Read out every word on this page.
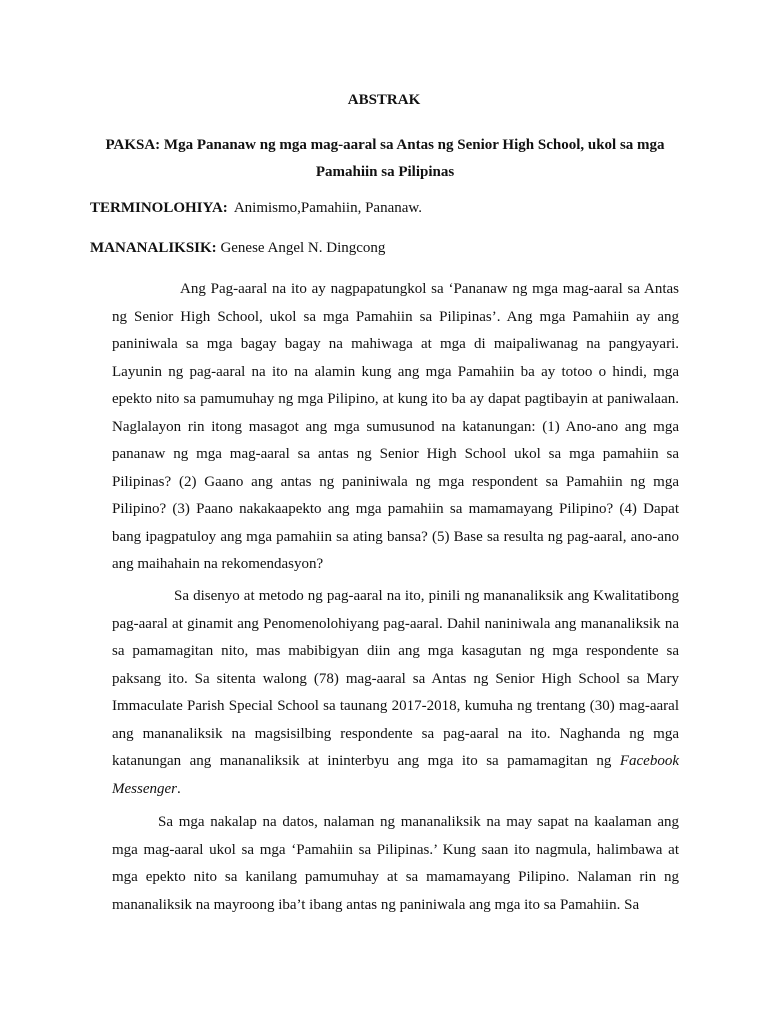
ABSTRAK
PAKSA: Mga Pananaw ng mga mag-aaral sa Antas ng Senior High School, ukol sa mga Pamahiin sa Pilipinas
TERMINOLOHIYA: Animismo,Pamahiin, Pananaw.
MANANALIKSIK: Genese Angel N. Dingcong

Ang Pag-aaral na ito ay nagpapatungkol sa ‘Pananaw ng mga mag-aaral sa Antas ng Senior High School, ukol sa mga Pamahiin sa Pilipinas’. Ang mga Pamahiin ay ang paniniwala sa mga bagay bagay na mahiwaga at mga di maipaliwanag na pangyayari. Layunin ng pag-aaral na ito na alamin kung ang mga Pamahiin ba ay totoo o hindi, mga epekto nito sa pamumuhay ng mga Pilipino, at kung ito ba ay dapat pagtibayin at paniwalaan. Naglalayon rin itong masagot ang mga sumusunod na katanungan: (1) Ano-ano ang mga pananaw ng mga mag-aaral sa antas ng Senior High School ukol sa mga pamahiin sa Pilipinas? (2) Gaano ang antas ng paniniwala ng mga respondent sa Pamahiin ng mga Pilipino? (3) Paano nakakaapekto ang mga pamahiin sa mamamayang Pilipino? (4) Dapat bang ipagpatuloy ang mga pamahiin sa ating bansa? (5) Base sa resulta ng pag-aaral, ano-ano ang maihahain na rekomendasyon?

Sa disenyo at metodo ng pag-aaral na ito, pinili ng mananaliksik ang Kwalitatibong pag-aaral at ginamit ang Penomenolohiyang pag-aaral. Dahil naniniwala ang mananaliksik na sa pamamagitan nito, mas mabibigyan diin ang mga kasagutan ng mga respondente sa paksang ito. Sa sitenta walong (78) mag-aaral sa Antas ng Senior High School sa Mary Immaculate Parish Special School sa taunang 2017-2018, kumuha ng trentang (30) mag-aaral ang mananaliksik na magsisilbing respondente sa pag-aaral na ito. Naghanda ng mga katanungan ang mananaliksik at ininterbyu ang mga ito sa pamamagitan ng Facebook Messenger.

Sa mga nakalap na datos, nalaman ng mananaliksik na may sapat na kaalaman ang mga mag-aaral ukol sa mga ‘Pamahiin sa Pilipinas.’ Kung saan ito nagmula, halimbawa at mga epekto nito sa kanilang pamumuhay at sa mamamayang Pilipino. Nalaman rin ng mananaliksik na mayroong iba’t ibang antas ng paniniwala ang mga ito sa Pamahiin. Sa
